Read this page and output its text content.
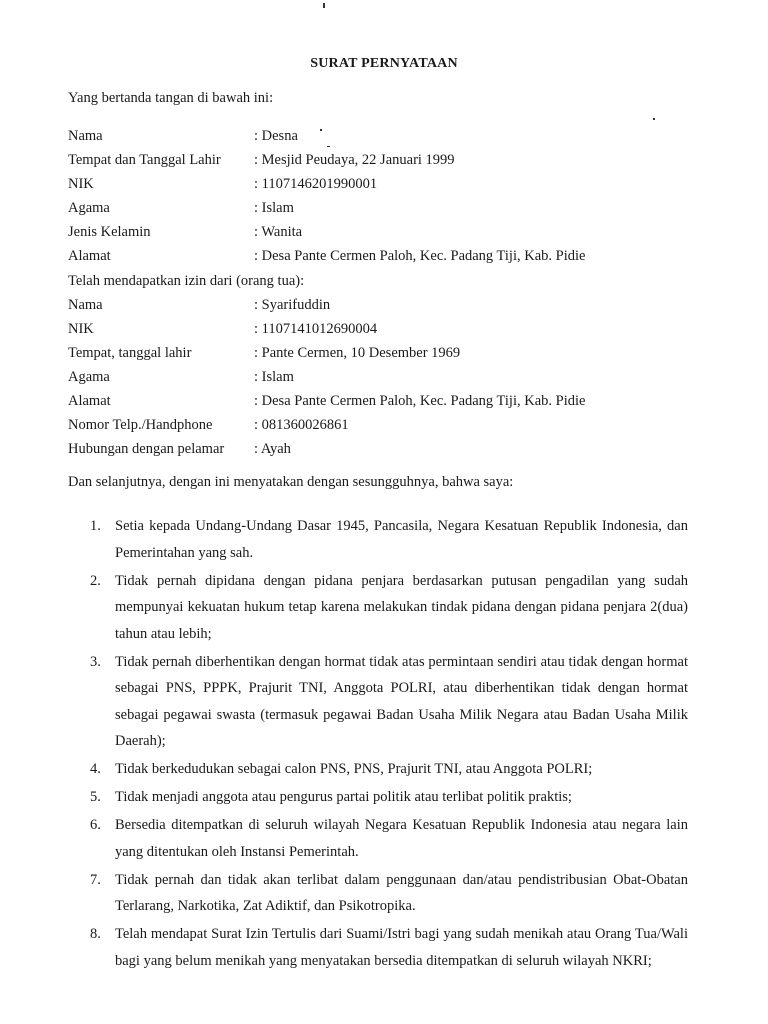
SURAT PERNYATAAN
Yang bertanda tangan di bawah ini:
Nama	: Desna
Tempat dan Tanggal Lahir	: Mesjid Peudaya, 22 Januari 1999
NIK	: 1107146201990001
Agama	: Islam
Jenis Kelamin	: Wanita
Alamat	: Desa Pante Cermen Paloh, Kec. Padang Tiji, Kab. Pidie
Telah mendapatkan izin dari (orang tua):
Nama	: Syarifuddin
NIK	: 1107141012690004
Tempat, tanggal lahir	: Pante Cermen, 10 Desember 1969
Agama	: Islam
Alamat	: Desa Pante Cermen Paloh, Kec. Padang Tiji, Kab. Pidie
Nomor Telp./Handphone	: 081360026861
Hubungan dengan pelamar	: Ayah
Dan selanjutnya, dengan ini menyatakan dengan sesungguhnya, bahwa saya:
1. Setia kepada Undang-Undang Dasar 1945, Pancasila, Negara Kesatuan Republik Indonesia, dan Pemerintahan yang sah.
2. Tidak pernah dipidana dengan pidana penjara berdasarkan putusan pengadilan yang sudah mempunyai kekuatan hukum tetap karena melakukan tindak pidana dengan pidana penjara 2(dua) tahun atau lebih;
3. Tidak pernah diberhentikan dengan hormat tidak atas permintaan sendiri atau tidak dengan hormat sebagai PNS, PPPK, Prajurit TNI, Anggota POLRI, atau diberhentikan tidak dengan hormat sebagai pegawai swasta (termasuk pegawai Badan Usaha Milik Negara atau Badan Usaha Milik Daerah);
4. Tidak berkedudukan sebagai calon PNS, PNS, Prajurit TNI, atau Anggota POLRI;
5. Tidak menjadi anggota atau pengurus partai politik atau terlibat politik praktis;
6. Bersedia ditempatkan di seluruh wilayah Negara Kesatuan Republik Indonesia atau negara lain yang ditentukan oleh Instansi Pemerintah.
7. Tidak pernah dan tidak akan terlibat dalam penggunaan dan/atau pendistribusian Obat-Obatan Terlarang, Narkotika, Zat Adiktif, dan Psikotropika.
8. Telah mendapat Surat Izin Tertulis dari Suami/Istri bagi yang sudah menikah atau Orang Tua/Wali bagi yang belum menikah yang menyatakan bersedia ditempatkan di seluruh wilayah NKRI;
